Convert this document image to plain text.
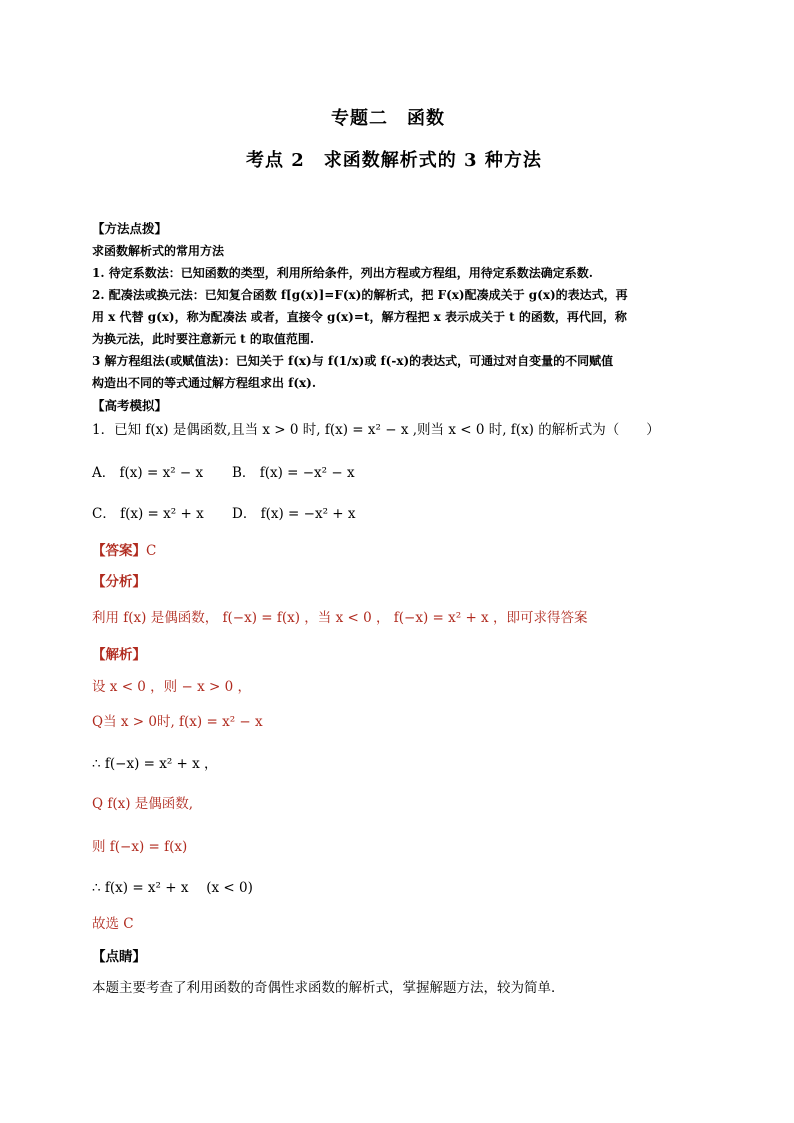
专题二　函数
考点 2　求函数解析式的 3 种方法
【方法点拨】
求函数解析式的常用方法
1. 待定系数法：已知函数的类型，利用所给条件，列出方程或方程组，用待定系数法确定系数.
2. 配凑法或换元法：已知复合函数 f[g(x)]=F(x)的解析式，把 F(x)配凑成关于 g(x)的表达式，再
用 x 代替 g(x)，称为配凑法 或者，直接令 g(x)=t，解方程把 x 表示成关于 t 的函数，再代回，称
为换元法，此时要注意新元 t 的取值范围.
3 解方程组法(或赋值法)：已知关于 f(x)与 f(1/x)或 f(-x)的表达式，可通过对自变量的不同赋值
构造出不同的等式通过解方程组求出 f(x).
【高考模拟】
1．已知 f(x) 是偶函数,且当 x > 0 时, f(x) = x² − x ,则当 x < 0 时, f(x) 的解析式为（　　）
A． f(x) = x² − x B． f(x) = −x² − x
C． f(x) = x² + x D． f(x) = −x² + x
【答案】C
【分析】
利用 f(x) 是偶函数， f(−x) = f(x) ，当 x < 0 ， f(−x) = x² + x ，即可求得答案
【解析】
设 x < 0 ，则 − x > 0 ，
Q当 x > 0时, f(x) = x² − x
∴ f(−x) = x² + x ，
Q f(x) 是偶函数,
则 f(−x) = f(x)
∴ f(x) = x² + x　 (x < 0)
故选 C
【点睛】
本题主要考查了利用函数的奇偶性求函数的解析式，掌握解题方法，较为简单．
